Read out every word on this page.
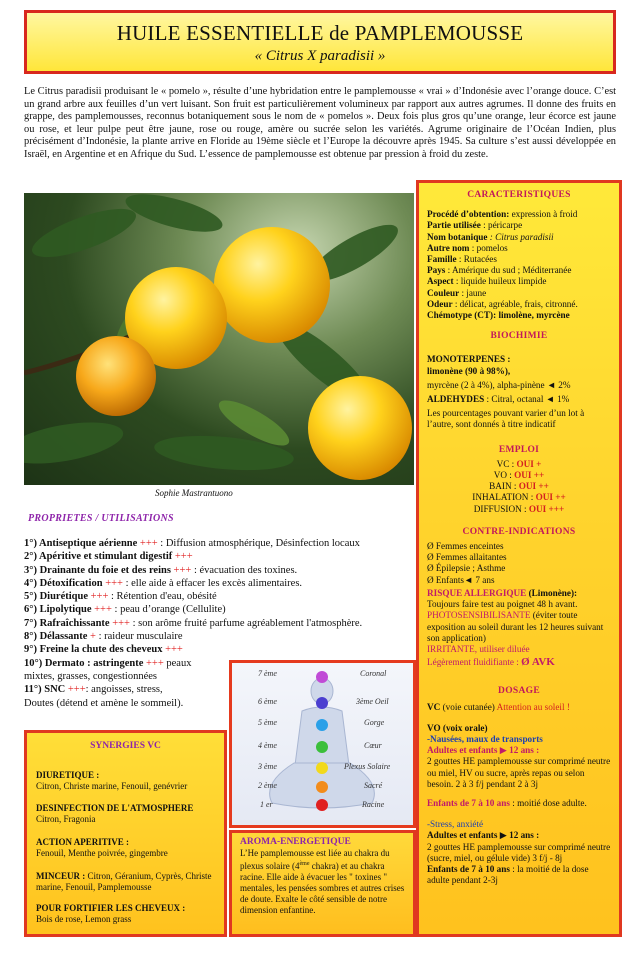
HUILE ESSENTIELLE de PAMPLEMOUSSE
« Citrus X paradisii »
Le Citrus paradisii produisant le « pomelo », résulte d’une hybridation entre le pamplemousse « vrai » d’Indonésie avec l’orange douce. C’est un grand arbre aux feuilles d’un vert luisant. Son fruit est particulièrement volumineux par rapport aux autres agrumes. Il donne des fruits en grappe, des pamplemousses, reconnus botaniquement sous le nom de « pomelos ». Deux fois plus gros qu’une orange, leur écorce est jaune ou rose, et leur pulpe peut être jaune, rose ou rouge, amère ou sucrée selon les variétés. Agrume originaire de l’Océan Indien, plus précisément d’Indonésie, la plante arrive en Floride au 19ème siècle et l’Europe la découvre après 1945. Sa culture s’est aussi développée en Israël, en Argentine et en Afrique du Sud. L’essence de pamplemousse est obtenue par pression à froid du zeste.
Sophie Mastrantuono
CARACTERISTIQUES
Procédé d’obtention: expression à froid
Partie utilisée : péricarpe
Nom botanique : Citrus paradisii
Autre nom : pomelos
Famille : Rutacées
Pays : Amérique du sud ; Méditerranée
Aspect : liquide huileux limpide
Couleur : jaune
Odeur : délicat, agréable, frais, citronné.
Chémotype (CT): limolène, myrcène
BIOCHIMIE
MONOTERPENES :
limonène (90 à 98%),
myrcène (2 à 4%), alpha-pinène ◄ 2%
ALDEHYDES : Citral, octanal ◄ 1%
Les pourcentages pouvant varier d’un lot à l’autre, sont donnés à titre indicatif
EMPLOI
VC : OUI +
VO : OUI ++
BAIN : OUI ++
INHALATION : OUI ++
DIFFUSION : OUI +++
CONTRE-INDICATIONS
Ø Femmes enceintes
Ø Femmes allaitantes
Ø Épilepsie ; Asthme
Ø Enfants◄ 7 ans
RISQUE ALLERGIQUE (Limonène):
Toujours faire test au poignet 48 h avant.
PHOTOSENSIBILISANTE (éviter toute exposition au soleil durant les 12 heures suivant son application)
IRRITANTE, utiliser diluée
Légèrement fluidifiante : Ø AVK
DOSAGE
VC (voie cutanée) Attention au soleil !
VO (voix orale)
-Nausées, maux de transports
Adultes et enfants ▶ 12 ans :
2 gouttes HE pamplemousse sur comprimé neutre ou miel, HV ou sucre, après repas ou selon besoin. 2 à 3 f/j pendant 2 à 3j
Enfants de 7 à 10 ans : moitié dose adulte.
-Stress, anxiété
Adultes et enfants ▶ 12 ans :
2 gouttes HE pamplemousse sur comprimé neutre (sucre, miel, ou gélule vide) 3 f/j - 8j
Enfants de 7 à 10 ans : la moitié de la dose adulte pendant 2-3j
PROPRIETES / UTILISATIONS
1°) Antiseptique aérienne +++ : Diffusion atmosphérique, Désinfection locaux
2°) Apéritive et stimulant digestif +++
3°) Drainante du foie et des reins +++ : évacuation des toxines.
4°) Détoxification +++ : elle aide à effacer les excès alimentaires.
5°) Diurétique +++ : Rétention d'eau, obésité
6°) Lipolytique +++ : peau d’orange (Cellulite)
7°) Rafraîchissante +++ : son arôme fruité parfume agréablement l'atmosphère.
8°) Délassante + : raideur musculaire
9°) Freine la chute des cheveux +++
10°) Dermato : astringente +++ peaux
mixtes, grasses, congestionnées
11°) SNC +++: angoisses, stress,
Doutes (détend et amène le sommeil).
7 ème
6 ème
5 ème
4 ème
3 ème
2 ème
1 er
Coronal
3ème Oeil
Gorge
Cœur
Plexus Solaire
Sacré
Racine
SYNERGIES VC
DIURETIQUE :
Citron, Christe marine, Fenouil, genévrier
DESINFECTION DE L'ATMOSPHERE
Citron, Fragonia
ACTION APERITIVE :
Fenouil, Menthe poivrée, gingembre
MINCEUR : Citron, Géranium, Cyprès, Christe marine, Fenouil, Pamplemousse
POUR FORTIFIER LES CHEVEUX :
Bois de rose, Lemon grass
AROMA-ENERGETIQUE
L’He pamplemousse est liée au chakra du plexus solaire (4ème chakra) et au chakra racine. Elle aide à évacuer les " toxines " mentales, les pensées sombres et autres crises de doute. Exalte le côté sensible de notre dimension enfantine.
